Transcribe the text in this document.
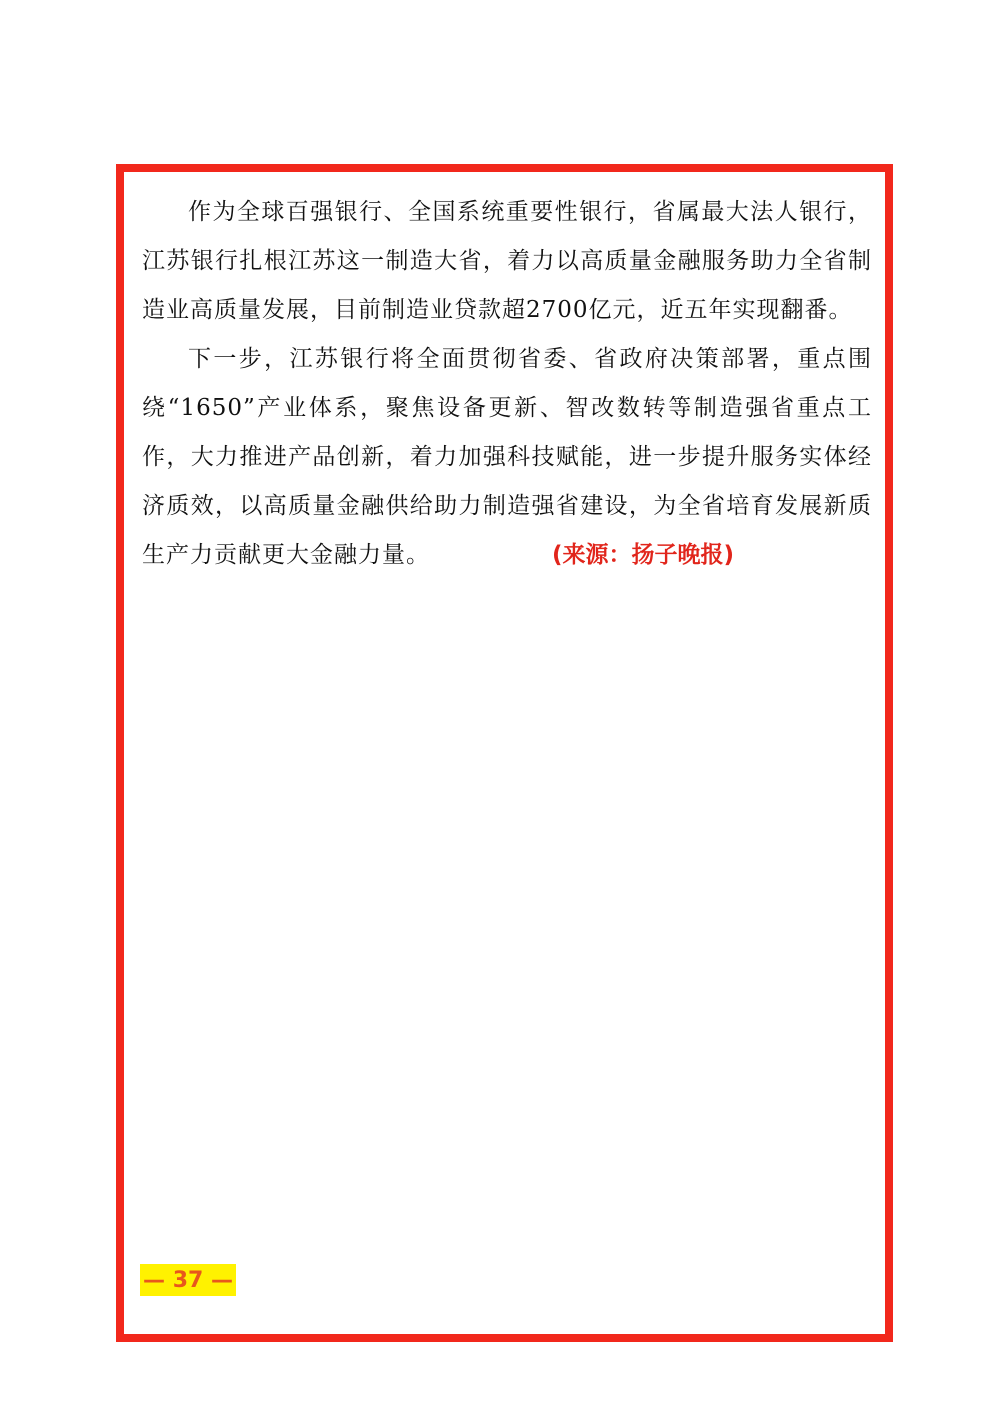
作为全球百强银行、全国系统重要性银行，省属最大法人银行，江苏银行扎根江苏这一制造大省，着力以高质量金融服务助力全省制造业高质量发展，目前制造业贷款超2700亿元，近五年实现翻番。

下一步，江苏银行将全面贯彻省委、省政府决策部署，重点围绕“1650”产业体系，聚焦设备更新、智改数转等制造强省重点工作，大力推进产品创新，着力加强科技赋能，进一步提升服务实体经济质效，以高质量金融供给助力制造强省建设，为全省培育发展新质生产力贡献更大金融力量。	(来源：扬子晚报)

— 37 —
